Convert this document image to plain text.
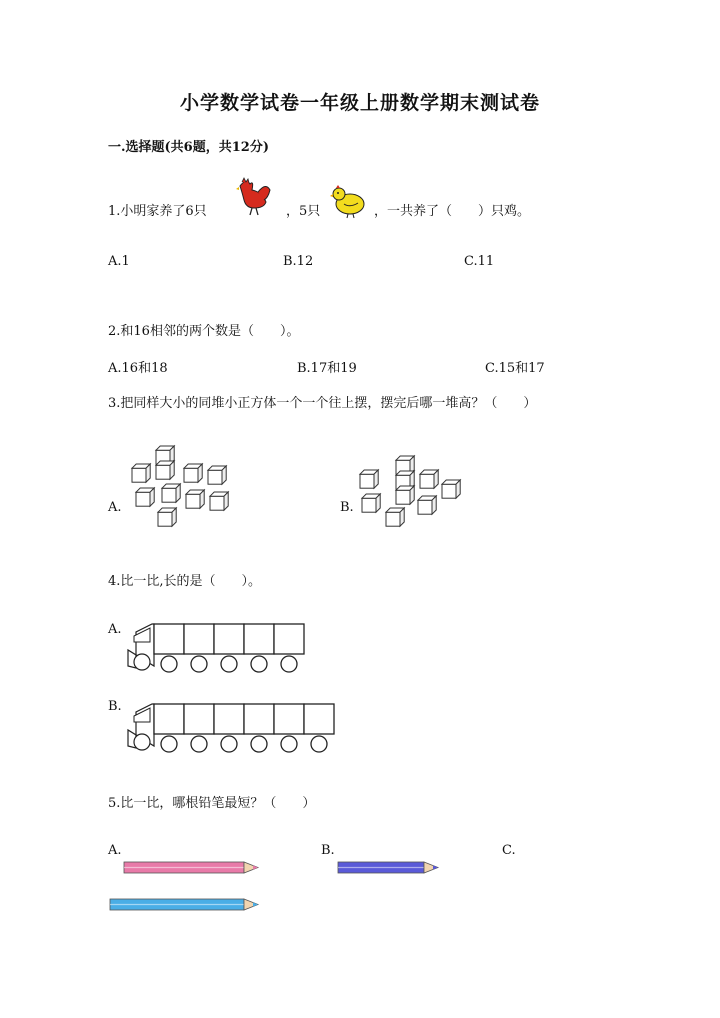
小学数学试卷一年级上册数学期末测试卷
一.选择题(共6题，共12分)
1.小明家养了6只	，5只	，一共养了（　　）只鸡。
A.1	B.12	C.11
2.和16相邻的两个数是（　　）。
A.16和18	B.17和19	C.15和17
3.把同样大小的同堆小正方体一个一个往上摆，摆完后哪一堆高？（　　）
A.	B.
4.比一比,长的是（　　）。
A.
B.
5.比一比，哪根铅笔最短？（　　）
A.	B.	C.
